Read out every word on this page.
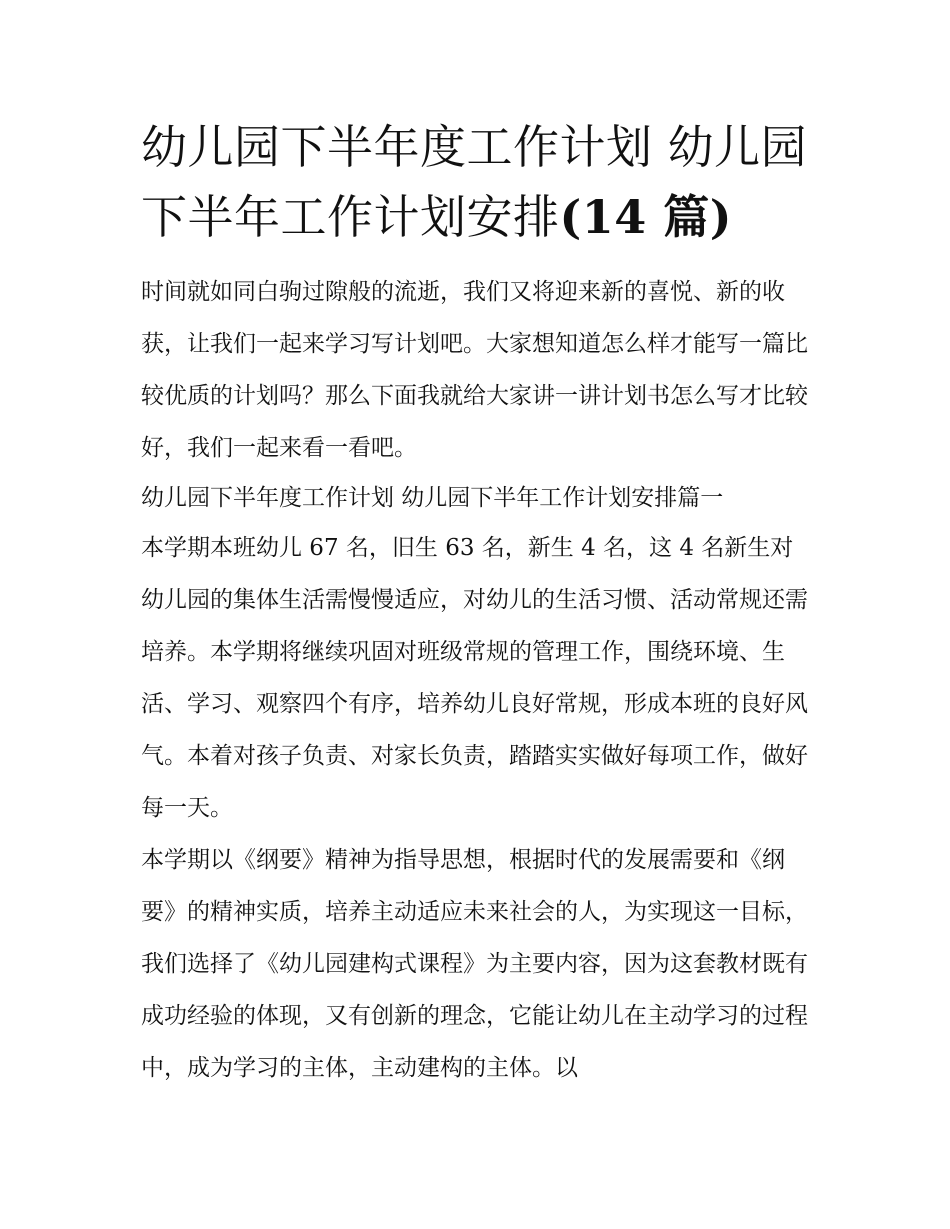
幼儿园下半年度工作计划 幼儿园下半年工作计划安排(14 篇)

时间就如同白驹过隙般的流逝，我们又将迎来新的喜悦、新的收获，让我们一起来学习写计划吧。大家想知道怎么样才能写一篇比较优质的计划吗？那么下面我就给大家讲一讲计划书怎么写才比较好，我们一起来看一看吧。

幼儿园下半年度工作计划 幼儿园下半年工作计划安排篇一

本学期本班幼儿 67 名，旧生 63 名，新生 4 名，这 4 名新生对幼儿园的集体生活需慢慢适应，对幼儿的生活习惯、活动常规还需培养。本学期将继续巩固对班级常规的管理工作，围绕环境、生活、学习、观察四个有序，培养幼儿良好常规，形成本班的良好风气。本着对孩子负责、对家长负责，踏踏实实做好每项工作，做好每一天。

本学期以《纲要》精神为指导思想，根据时代的发展需要和《纲要》的精神实质，培养主动适应未来社会的人，为实现这一目标，我们选择了《幼儿园建构式课程》为主要内容，因为这套教材既有成功经验的体现，又有创新的理念，它能让幼儿在主动学习的过程中，成为学习的主体，主动建构的主体。以
